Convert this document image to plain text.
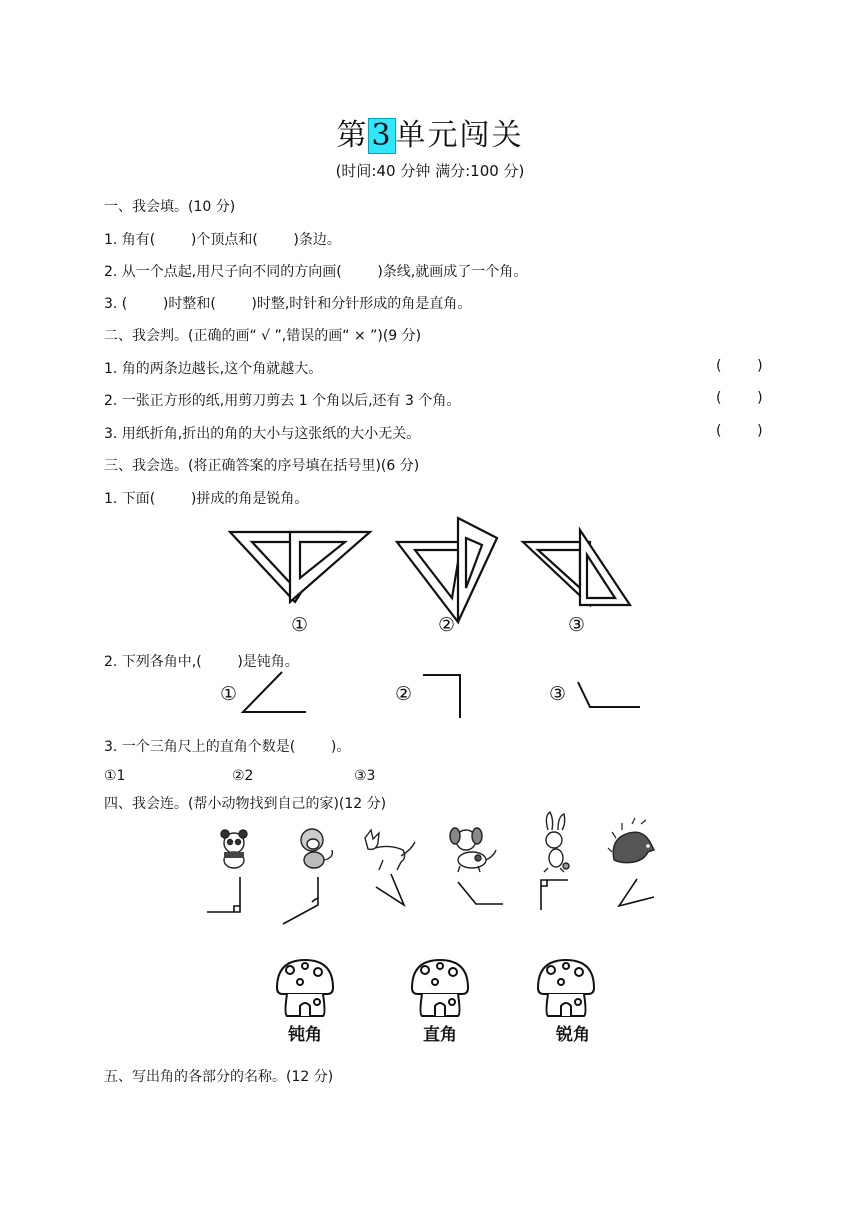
第 3 单元闯关
(时间:40 分钟 满分:100 分)
一、我会填。(10 分)
1. 角有(        )个顶点和(        )条边。
2. 从一个点起,用尺子向不同的方向画(        )条线,就画成了一个角。
3. (        )时整和(        )时整,时针和分针形成的角是直角。
二、我会判。(正确的画“ √ ”,错误的画“ × ”)(9 分)
1. 角的两条边越长,这个角就越大。	(        )
2. 一张正方形的纸,用剪刀剪去 1 个角以后,还有 3 个角。	(        )
3. 用纸折角,折出的角的大小与这张纸的大小无关。	(        )
三、我会选。(将正确答案的序号填在括号里)(6 分)
1. 下面(        )拼成的角是锐角。
①	②	③
2. 下列各角中,(        )是钝角。
①	②	③
3. 一个三角尺上的直角个数是(        )。
①1	②2	③3
四、我会连。(帮小动物找到自己的家)(12 分)
钝角	直角	锐角
五、写出角的各部分的名称。(12 分)
